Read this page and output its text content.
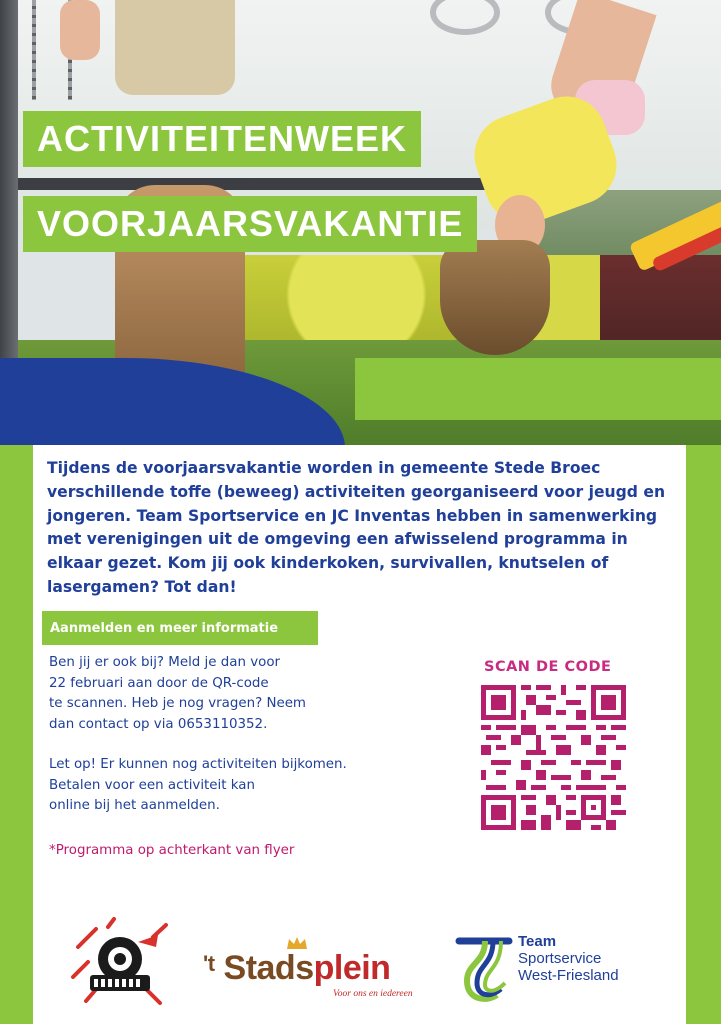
ACTIVITEITENWEEK
VOORJAARSVAKANTIE

Tijdens de voorjaarsvakantie worden in gemeente Stede Broec verschillende toffe (beweeg) activiteiten georganiseerd voor jeugd en jongeren. Team Sportservice en JC Inventas hebben in samenwerking met verenigingen uit de omgeving een afwisselend programma in elkaar gezet. Kom jij ook kinderkoken, survivallen, knutselen of lasergamen? Tot dan!

Aanmelden en meer informatie
Ben jij er ook bij? Meld je dan voor
22 februari aan door de QR-code
te scannen. Heb je nog vragen? Neem
dan contact op via 0653110352.
Let op! Er kunnen nog activiteiten bijkomen.
Betalen voor een activiteit kan
online bij het aanmelden.
*Programma op achterkant van flyer
SCAN DE CODE
$^{'t}$ Stadsplein
Voor ons en iedereen
Team
Sportservice
West-Friesland
